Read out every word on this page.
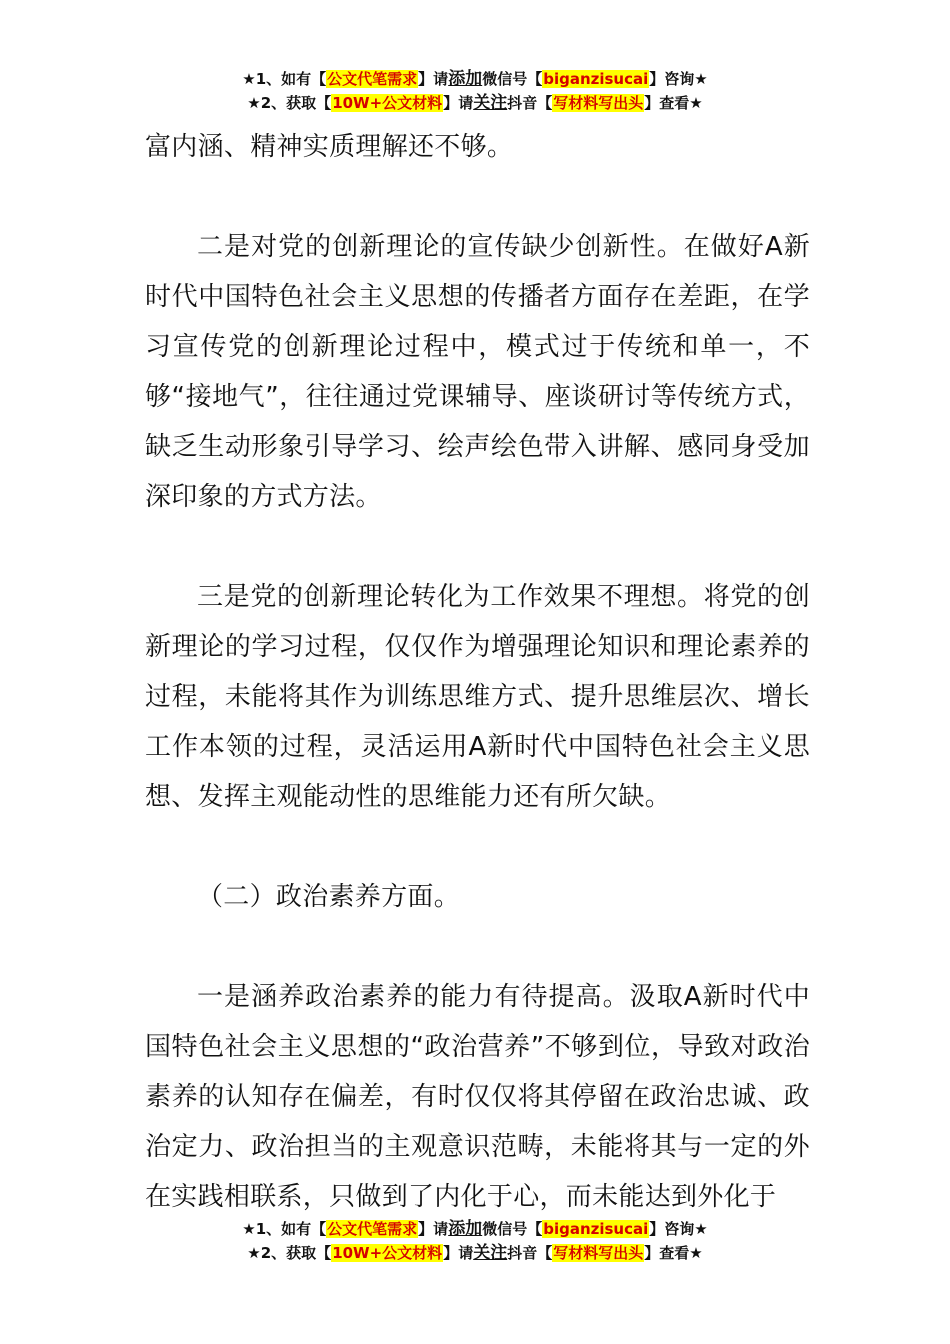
★1、如有【公文代笔需求】请添加微信号【biganzisucai】咨询★
★2、获取【10W+公文材料】请关注抖音【写材料写出头】查看★

富内涵、精神实质理解还不够。

二是对党的创新理论的宣传缺少创新性。在做好A新时代中国特色社会主义思想的传播者方面存在差距，在学习宣传党的创新理论过程中，模式过于传统和单一，不够“接地气”，往往通过党课辅导、座谈研讨等传统方式，缺乏生动形象引导学习、绘声绘色带入讲解、感同身受加深印象的方式方法。

三是党的创新理论转化为工作效果不理想。将党的创新理论的学习过程，仅仅作为增强理论知识和理论素养的过程，未能将其作为训练思维方式、提升思维层次、增长工作本领的过程，灵活运用A新时代中国特色社会主义思想、发挥主观能动性的思维能力还有所欠缺。

（二）政治素养方面。

一是涵养政治素养的能力有待提高。汲取A新时代中国特色社会主义思想的“政治营养”不够到位，导致对政治素养的认知存在偏差，有时仅仅将其停留在政治忠诚、政治定力、政治担当的主观意识范畴，未能将其与一定的外在实践相联系，只做到了内化于心，而未能达到外化于

★1、如有【公文代笔需求】请添加微信号【biganzisucai】咨询★
★2、获取【10W+公文材料】请关注抖音【写材料写出头】查看★
